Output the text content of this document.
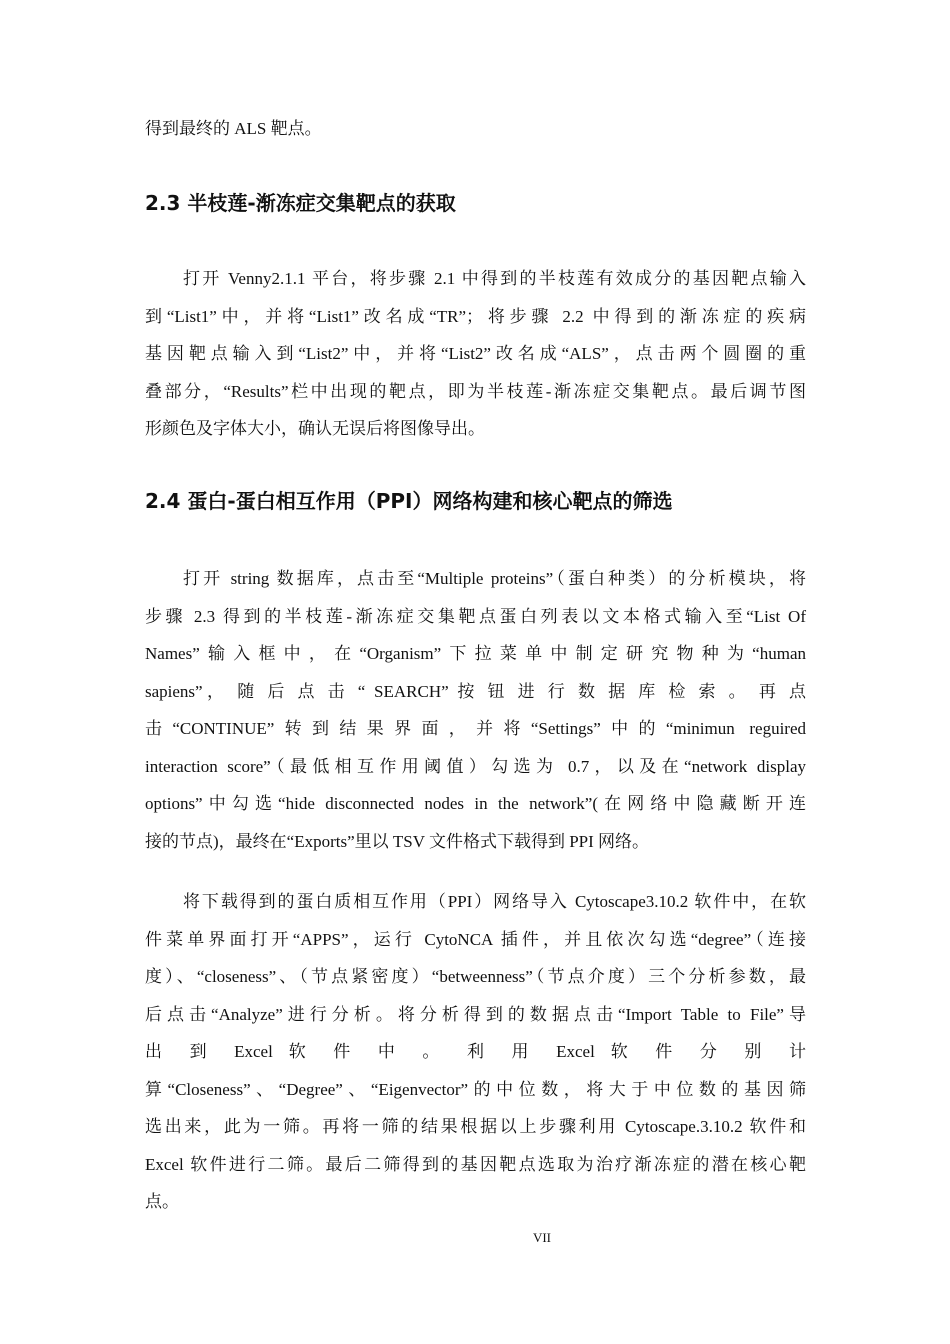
得到最终的 ALS 靶点。
2.3 半枝莲-渐冻症交集靶点的获取
打开 Venny2.1.1 平台，将步骤 2.1 中得到的半枝莲有效成分的基因靶点输入
到“List1”中，并将“List1”改名成“TR”；将步骤 2.2 中得到的渐冻症的疾病
基因靶点输入到“List2”中，并将“List2”改名成“ALS”，点击两个圆圈的重
叠部分，“Results”栏中出现的靶点，即为半枝莲-渐冻症交集靶点。最后调节图
形颜色及字体大小，确认无误后将图像导出。
2.4 蛋白-蛋白相互作用（PPI）网络构建和核心靶点的筛选
打开 string 数据库，点击至“Multiple proteins”（蛋白种类）的分析模块，将
步骤 2.3 得到的半枝莲-渐冻症交集靶点蛋白列表以文本格式输入至“List Of
Names”输入框中，在“Organism”下拉菜单中制定研究物种为“human
sapiens”， 随 后 点 击 “ SEARCH” 按 钮 进 行 数 据 库 检 索 。 再 点
击“CONTINUE”转到结果界面，并将“Settings”中的“minimun reguired
interaction score”（最低相互作用阈值）勾选为 0.7，以及在“network display
options”中勾选“hide disconnected nodes in the network”(在网络中隐藏断开连
接的节点)，最终在“Exports”里以 TSV 文件格式下载得到 PPI 网络。
将下载得到的蛋白质相互作用（PPI）网络导入 Cytoscape3.10.2 软件中，在软
件菜单界面打开“APPS”，运行 CytoNCA 插件，并且依次勾选“degree”（连接
度）、“closeness”、（节点紧密度）“betweenness”（节点介度）三个分析参数，最
后点击“Analyze”进行分析。将分析得到的数据点击“Import Table to File”导
出 到 Excel 软 件 中 。 利 用 Excel 软 件 分 别 计
算“Closeness”、“Degree”、“Eigenvector”的中位数，将大于中位数的基因筛
选出来，此为一筛。再将一筛的结果根据以上步骤利用 Cytoscape.3.10.2 软件和
Excel 软件进行二筛。最后二筛得到的基因靶点选取为治疗渐冻症的潜在核心靶
点。
VII
